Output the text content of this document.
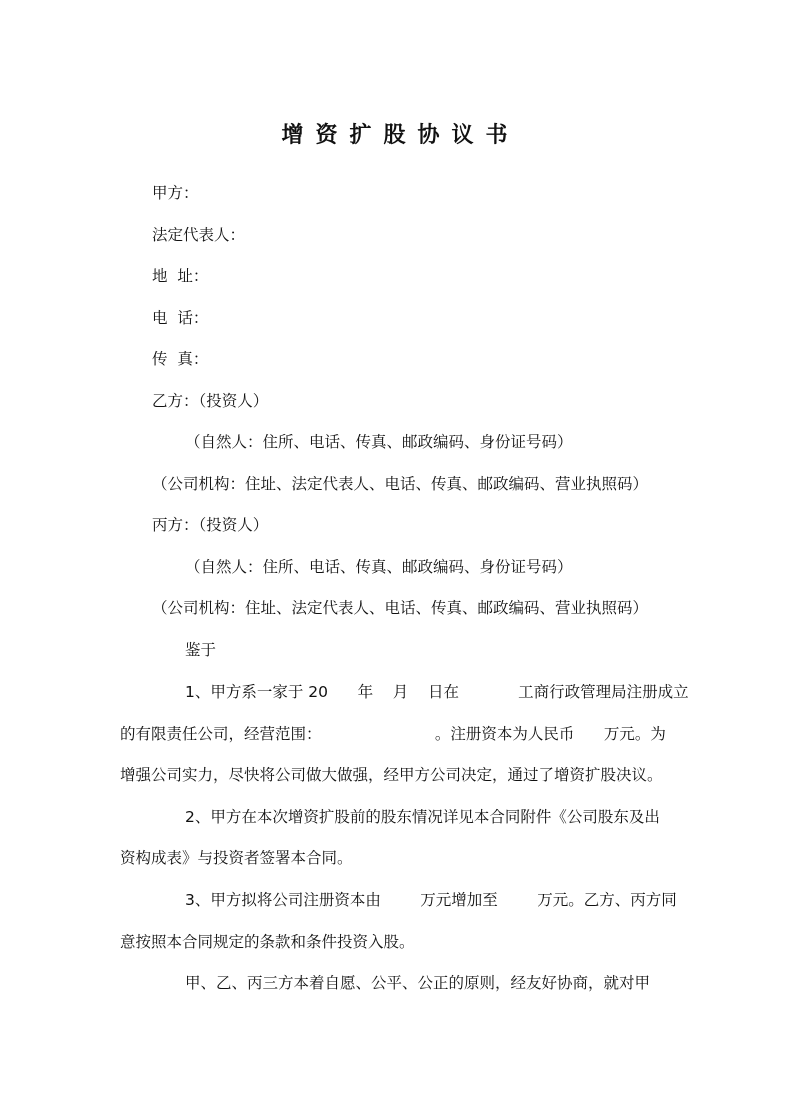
增资扩股协议书
甲方：
法定代表人：
地  址：
电  话：
传  真：
乙方：（投资人）
（自然人：住所、电话、传真、邮政编码、身份证号码）
（公司机构：住址、法定代表人、电话、传真、邮政编码、营业执照码）
丙方：（投资人）
（自然人：住所、电话、传真、邮政编码、身份证号码）
（公司机构：住址、法定代表人、电话、传真、邮政编码、营业执照码）
鉴于
1、甲方系一家于 20      年    月    日在            工商行政管理局注册成立
的有限责任公司，经营范围：                       。注册资本为人民币      万元。为
增强公司实力，尽快将公司做大做强，经甲方公司决定，通过了增资扩股决议。
2、甲方在本次增资扩股前的股东情况详见本合同附件《公司股东及出
资构成表》与投资者签署本合同。
3、甲方拟将公司注册资本由        万元增加至        万元。乙方、丙方同
意按照本合同规定的条款和条件投资入股。
甲、乙、丙三方本着自愿、公平、公正的原则，经友好协商，就对甲
